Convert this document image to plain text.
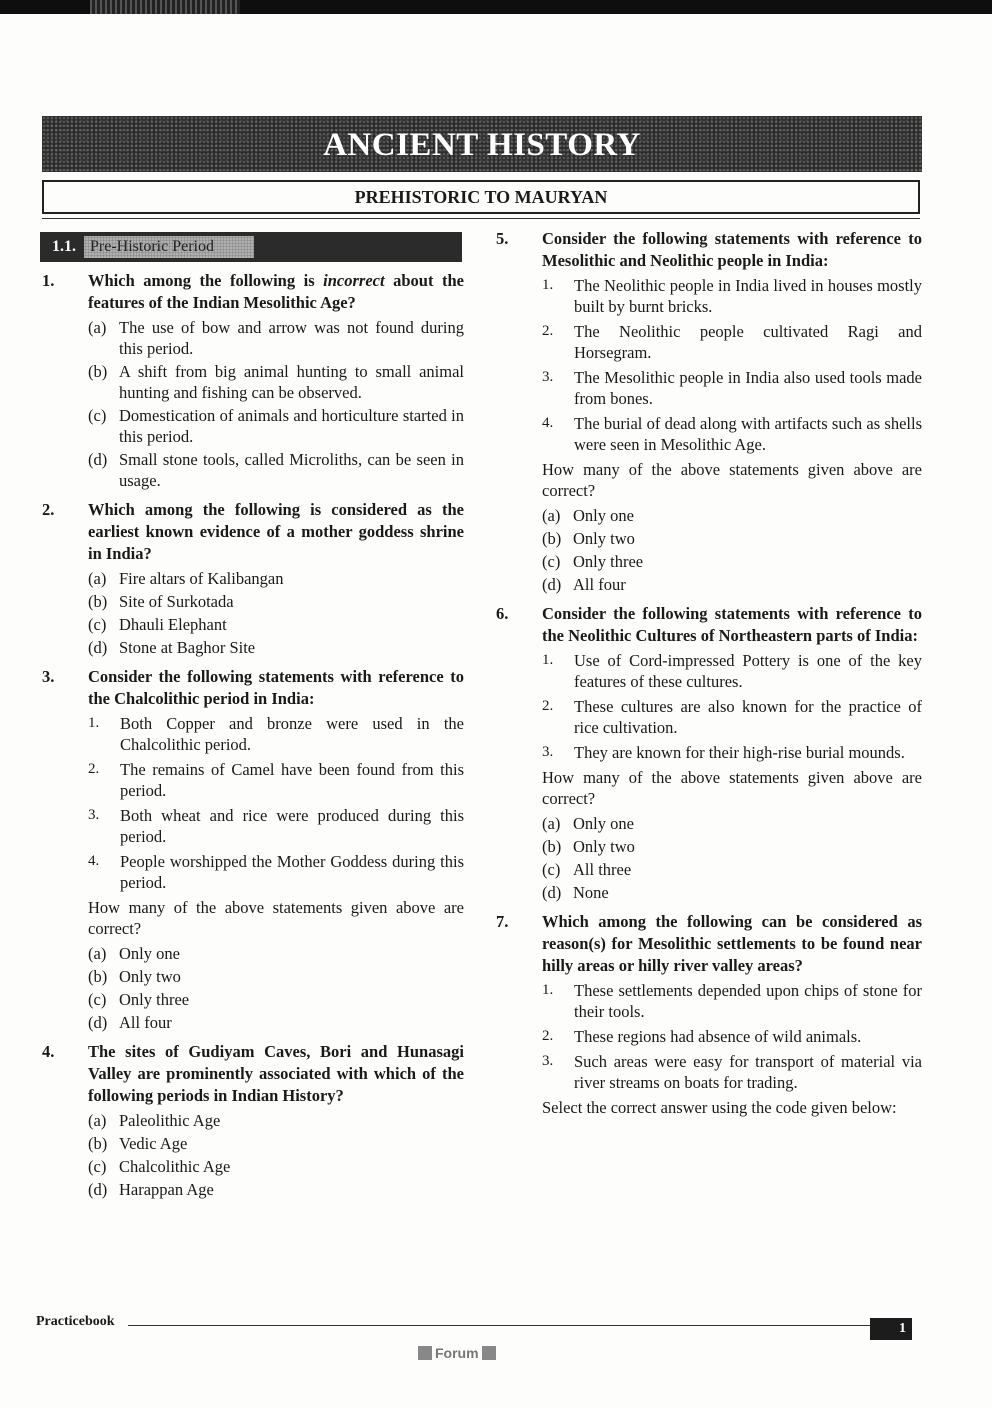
ANCIENT HISTORY
PREHISTORIC TO MAURYAN
1.1. Pre-Historic Period
1.	Which among the following is incorrect about the features of the Indian Mesolithic Age?
(a) The use of bow and arrow was not found during this period.
(b) A shift from big animal hunting to small animal hunting and fishing can be observed.
(c) Domestication of animals and horticulture started in this period.
(d) Small stone tools, called Microliths, can be seen in usage.
2.	Which among the following is considered as the earliest known evidence of a mother goddess shrine in India?
(a) Fire altars of Kalibangan
(b) Site of Surkotada
(c) Dhauli Elephant
(d) Stone at Baghor Site
3.	Consider the following statements with reference to the Chalcolithic period in India:
1.	Both Copper and bronze were used in the Chalcolithic period.
2.	The remains of Camel have been found from this period.
3.	Both wheat and rice were produced during this period.
4.	People worshipped the Mother Goddess during this period.
How many of the above statements given above are correct?
(a) Only one
(b) Only two
(c) Only three
(d) All four
4.	The sites of Gudiyam Caves, Bori and Hunasagi Valley are prominently associated with which of the following periods in Indian History?
(a) Paleolithic Age
(b) Vedic Age
(c) Chalcolithic Age
(d) Harappan Age
5.	Consider the following statements with reference to Mesolithic and Neolithic people in India:
1.	The Neolithic people in India lived in houses mostly built by burnt bricks.
2.	The Neolithic people cultivated Ragi and Horsegram.
3.	The Mesolithic people in India also used tools made from bones.
4.	The burial of dead along with artifacts such as shells were seen in Mesolithic Age.
How many of the above statements given above are correct?
(a) Only one
(b) Only two
(c) Only three
(d) All four
6.	Consider the following statements with reference to the Neolithic Cultures of Northeastern parts of India:
1.	Use of Cord-impressed Pottery is one of the key features of these cultures.
2.	These cultures are also known for the practice of rice cultivation.
3.	They are known for their high-rise burial mounds.
How many of the above statements given above are correct?
(a) Only one
(b) Only two
(c) All three
(d) None
7.	Which among the following can be considered as reason(s) for Mesolithic settlements to be found near hilly areas or hilly river valley areas?
1.	These settlements depended upon chips of stone for their tools.
2.	These regions had absence of wild animals.
3.	Such areas were easy for transport of material via river streams on boats for trading.
Select the correct answer using the code given below:
Practicebook	1
Forum
